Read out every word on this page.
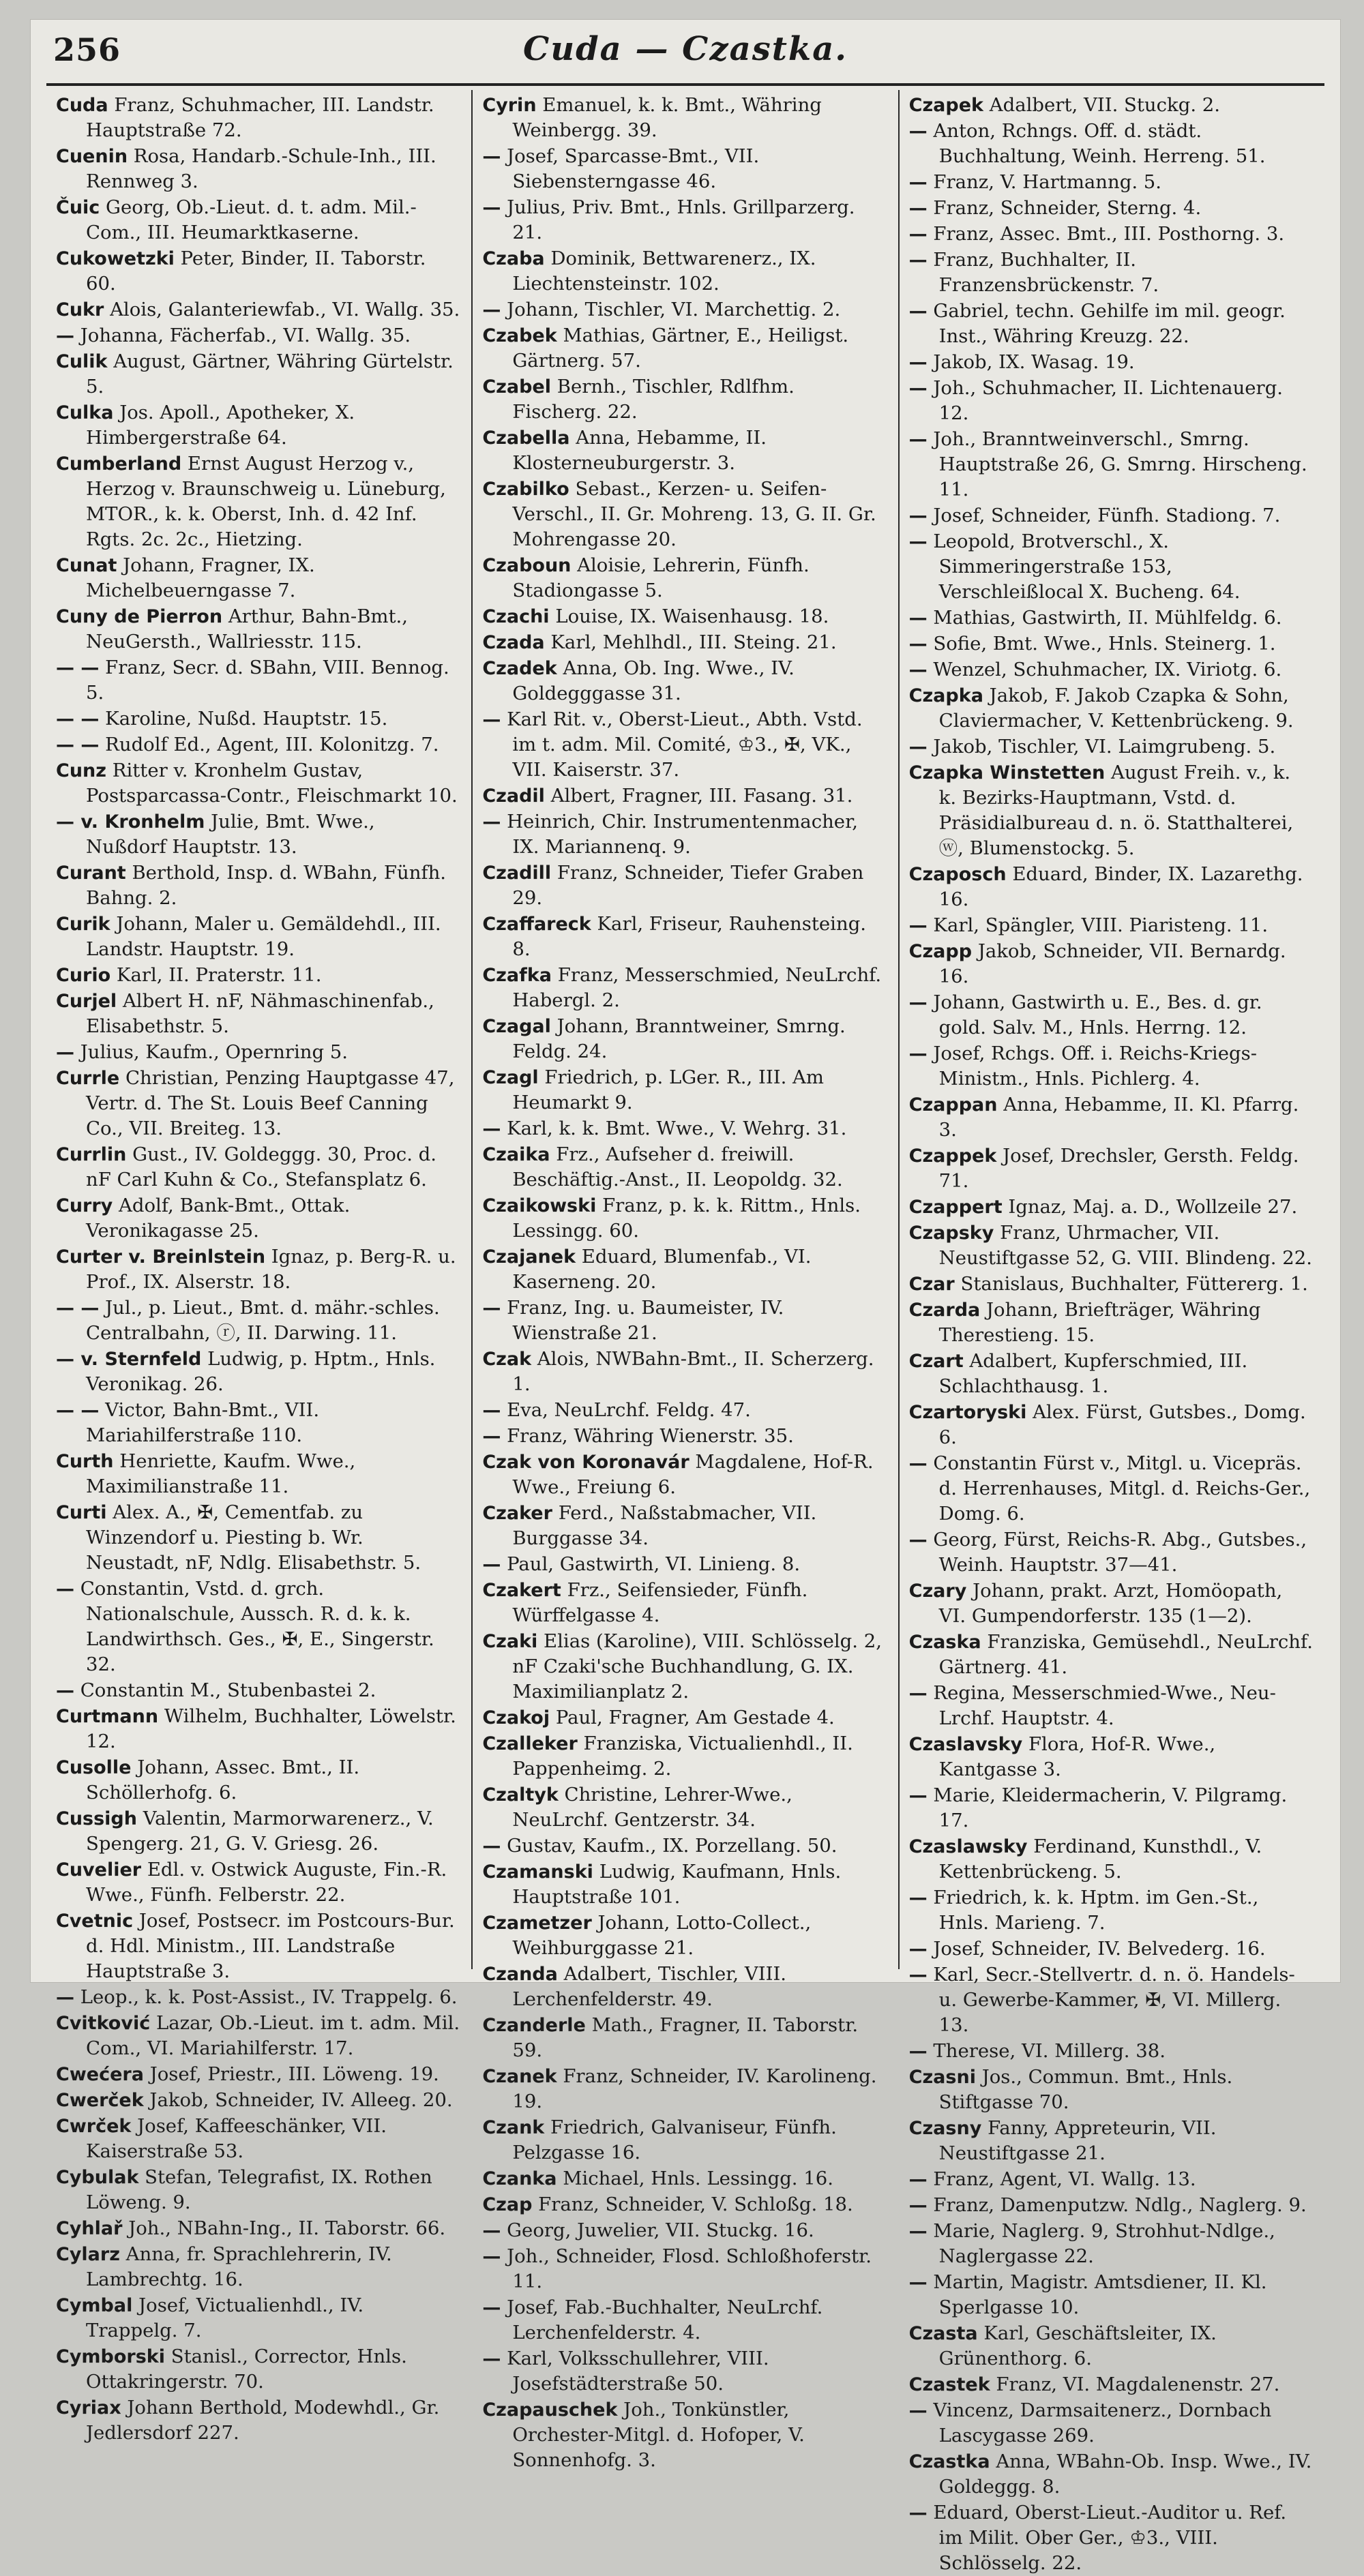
256	Cuda — Czastka.

Cuda Franz, Schuhmacher, III. Landstr. Hauptstraße 72.

Cuenin Rosa, Handarb.-Schule-Inh., III. Rennweg 3.

Čuic Georg, Ob.-Lieut. d. t. adm. Mil.-Com., III. Heumarktkaserne.

Cukowetzki Peter, Binder, II. Taborstr. 60.

Cukr Alois, Galanteriewfab., VI. Wallg. 35.

— Johanna, Fächerfab., VI. Wallg. 35.

Culik August, Gärtner, Währing Gürtelstr. 5.

Culka Jos. Apoll., Apotheker, X. Himbergerstraße 64.

Cumberland Ernst August Herzog v., Herzog v. Braunschweig u. Lüneburg, MTOR., k. k. Oberst, Inh. d. 42 Inf. Rgts. 2c. 2c., Hietzing.

Cunat Johann, Fragner, IX. Michelbeuerngasse 7.

Cuny de Pierron Arthur, Bahn-Bmt., NeuGersth., Wallriesstr. 115.

— — Franz, Secr. d. SBahn, VIII. Bennog. 5.

— — Karoline, Nußd. Hauptstr. 15.

— — Rudolf Ed., Agent, III. Kolonitzg. 7.

Cunz Ritter v. Kronhelm Gustav, Postsparcassa-Contr., Fleischmarkt 10.

— v. Kronhelm Julie, Bmt. Wwe., Nußdorf Hauptstr. 13.

Curant Berthold, Insp. d. WBahn, Fünfh. Bahng. 2.

Curik Johann, Maler u. Gemäldehdl., III. Landstr. Hauptstr. 19.

Curio Karl, II. Praterstr. 11.

Curjel Albert H. nF, Nähmaschinenfab., Elisabethstr. 5.

— Julius, Kaufm., Opernring 5.

Currle Christian, Penzing Hauptgasse 47, Vertr. d. The St. Louis Beef Canning Co., VII. Breiteg. 13.

Currlin Gust., IV. Goldeggg. 30, Proc. d. nF Carl Kuhn & Co., Stefansplatz 6.

Curry Adolf, Bank-Bmt., Ottak. Veronikagasse 25.

Curter v. Breinlstein Ignaz, p. Berg-R. u. Prof., IX. Alserstr. 18.

— — Jul., p. Lieut., Bmt. d. mähr.-schles. Centralbahn, ⓡ, II. Darwing. 11.

— v. Sternfeld Ludwig, p. Hptm., Hnls. Veronikag. 26.

— — Victor, Bahn-Bmt., VII. Mariahilferstraße 110.

Curth Henriette, Kaufm. Wwe., Maximilianstraße 11.

Curti Alex. A., ✠, Cementfab. zu Winzendorf u. Piesting b. Wr. Neustadt, nF, Ndlg. Elisabethstr. 5.

— Constantin, Vstd. d. grch. Nationalschule, Aussch. R. d. k. k. Landwirthsch. Ges., ✠, E., Singerstr. 32.

— Constantin M., Stubenbastei 2.

Curtmann Wilhelm, Buchhalter, Löwelstr. 12.

Cusolle Johann, Assec. Bmt., II. Schöllerhofg. 6.

Cussigh Valentin, Marmorwarenerz., V. Spengerg. 21, G. V. Griesg. 26.

Cuvelier Edl. v. Ostwick Auguste, Fin.-R. Wwe., Fünfh. Felberstr. 22.

Cvetnic Josef, Postsecr. im Postcours-Bur. d. Hdl. Ministm., III. Landstraße Hauptstraße 3.

— Leop., k. k. Post-Assist., IV. Trappelg. 6.

Cvitković Lazar, Ob.-Lieut. im t. adm. Mil. Com., VI. Mariahilferstr. 17.

Cwećera Josef, Priestr., III. Löweng. 19.

Cwerček Jakob, Schneider, IV. Alleeg. 20.

Cwrček Josef, Kaffeeschänker, VII. Kaiserstraße 53.

Cybulak Stefan, Telegrafist, IX. Rothen Löweng. 9.

Cyhlař Joh., NBahn-Ing., II. Taborstr. 66.

Cylarz Anna, fr. Sprachlehrerin, IV. Lambrechtg. 16.

Cymbal Josef, Victualienhdl., IV. Trappelg. 7.

Cymborski Stanisl., Corrector, Hnls. Ottakringerstr. 70.

Cyriax Johann Berthold, Modewhdl., Gr. Jedlersdorf 227.

Cyrin Emanuel, k. k. Bmt., Währing Weinbergg. 39.

— Josef, Sparcasse-Bmt., VII. Siebensterngasse 46.

— Julius, Priv. Bmt., Hnls. Grillparzerg. 21.

Czaba Dominik, Bettwarenerz., IX. Liechtensteinstr. 102.

— Johann, Tischler, VI. Marchettig. 2.

Czabek Mathias, Gärtner, E., Heiligst. Gärtnerg. 57.

Czabel Bernh., Tischler, Rdlfhm. Fischerg. 22.

Czabella Anna, Hebamme, II. Klosterneuburgerstr. 3.

Czabilko Sebast., Kerzen- u. Seifen-Verschl., II. Gr. Mohreng. 13, G. II. Gr. Mohrengasse 20.

Czaboun Aloisie, Lehrerin, Fünfh. Stadiongasse 5.

Czachi Louise, IX. Waisenhausg. 18.

Czada Karl, Mehlhdl., III. Steing. 21.

Czadek Anna, Ob. Ing. Wwe., IV. Goldegggasse 31.

— Karl Rit. v., Oberst-Lieut., Abth. Vstd. im t. adm. Mil. Comité, ♔3., ✠, VK., VII. Kaiserstr. 37.

Czadil Albert, Fragner, III. Fasang. 31.

— Heinrich, Chir. Instrumentenmacher, IX. Mariannenq. 9.

Czadill Franz, Schneider, Tiefer Graben 29.

Czaffareck Karl, Friseur, Rauhensteing. 8.

Czafka Franz, Messerschmied, NeuLrchf. Habergl. 2.

Czagal Johann, Branntweiner, Smrng. Feldg. 24.

Czagl Friedrich, p. LGer. R., III. Am Heumarkt 9.

— Karl, k. k. Bmt. Wwe., V. Wehrg. 31.

Czaika Frz., Aufseher d. freiwill. Beschäftig.-Anst., II. Leopoldg. 32.

Czaikowski Franz, p. k. k. Rittm., Hnls. Lessingg. 60.

Czajanek Eduard, Blumenfab., VI. Kaserneng. 20.

— Franz, Ing. u. Baumeister, IV. Wienstraße 21.

Czak Alois, NWBahn-Bmt., II. Scherzerg. 1.

— Eva, NeuLrchf. Feldg. 47.

— Franz, Währing Wienerstr. 35.

Czak von Koronavár Magdalene, Hof-R. Wwe., Freiung 6.

Czaker Ferd., Naßstabmacher, VII. Burggasse 34.

— Paul, Gastwirth, VI. Linieng. 8.

Czakert Frz., Seifensieder, Fünfh. Würffelgasse 4.

Czaki Elias (Karoline), VIII. Schlösselg. 2, nF Czaki'sche Buchhandlung, G. IX. Maximilianplatz 2.

Czakoj Paul, Fragner, Am Gestade 4.

Czalleker Franziska, Victualienhdl., II. Pappenheimg. 2.

Czaltyk Christine, Lehrer-Wwe., NeuLrchf. Gentzerstr. 34.

— Gustav, Kaufm., IX. Porzellang. 50.

Czamanski Ludwig, Kaufmann, Hnls. Hauptstraße 101.

Czametzer Johann, Lotto-Collect., Weihburggasse 21.

Czanda Adalbert, Tischler, VIII. Lerchenfelderstr. 49.

Czanderle Math., Fragner, II. Taborstr. 59.

Czanek Franz, Schneider, IV. Karolineng. 19.

Czank Friedrich, Galvaniseur, Fünfh. Pelzgasse 16.

Czanka Michael, Hnls. Lessingg. 16.

Czap Franz, Schneider, V. Schloßg. 18.

— Georg, Juwelier, VII. Stuckg. 16.

— Joh., Schneider, Flosd. Schloßhoferstr. 11.

— Josef, Fab.-Buchhalter, NeuLrchf. Lerchenfelderstr. 4.

— Karl, Volksschullehrer, VIII. Josefstädterstraße 50.

Czapauschek Joh., Tonkünstler, Orchester-Mitgl. d. Hofoper, V. Sonnenhofg. 3.

Czapek Adalbert, VII. Stuckg. 2.

— Anton, Rchngs. Off. d. städt. Buchhaltung, Weinh. Herreng. 51.

— Franz, V. Hartmanng. 5.

— Franz, Schneider, Sterng. 4.

— Franz, Assec. Bmt., III. Posthorng. 3.

— Franz, Buchhalter, II. Franzensbrückenstr. 7.

— Gabriel, techn. Gehilfe im mil. geogr. Inst., Währing Kreuzg. 22.

— Jakob, IX. Wasag. 19.

— Joh., Schuhmacher, II. Lichtenauerg. 12.

— Joh., Branntweinverschl., Smrng. Hauptstraße 26, G. Smrng. Hirscheng. 11.

— Josef, Schneider, Fünfh. Stadiong. 7.

— Leopold, Brotverschl., X. Simmeringerstraße 153, Verschleißlocal X. Bucheng. 64.

— Mathias, Gastwirth, II. Mühlfeldg. 6.

— Sofie, Bmt. Wwe., Hnls. Steinerg. 1.

— Wenzel, Schuhmacher, IX. Viriotg. 6.

Czapka Jakob, F. Jakob Czapka & Sohn, Claviermacher, V. Kettenbrückeng. 9.

— Jakob, Tischler, VI. Laimgrubeng. 5.

Czapka Winstetten August Freih. v., k. k. Bezirks-Hauptmann, Vstd. d. Präsidialbureau d. n. ö. Statthalterei, ⓦ, Blumenstockg. 5.

Czaposch Eduard, Binder, IX. Lazarethg. 16.

— Karl, Spängler, VIII. Piaristeng. 11.

Czapp Jakob, Schneider, VII. Bernardg. 16.

— Johann, Gastwirth u. E., Bes. d. gr. gold. Salv. M., Hnls. Herrng. 12.

— Josef, Rchgs. Off. i. Reichs-Kriegs-Ministm., Hnls. Pichlerg. 4.

Czappan Anna, Hebamme, II. Kl. Pfarrg. 3.

Czappek Josef, Drechsler, Gersth. Feldg. 71.

Czappert Ignaz, Maj. a. D., Wollzeile 27.

Czapsky Franz, Uhrmacher, VII. Neustiftgasse 52, G. VIII. Blindeng. 22.

Czar Stanislaus, Buchhalter, Füttererg. 1.

Czarda Johann, Briefträger, Währing Therestieng. 15.

Czart Adalbert, Kupferschmied, III. Schlachthausg. 1.

Czartoryski Alex. Fürst, Gutsbes., Domg. 6.

— Constantin Fürst v., Mitgl. u. Vicepräs. d. Herrenhauses, Mitgl. d. Reichs-Ger., Domg. 6.

— Georg, Fürst, Reichs-R. Abg., Gutsbes., Weinh. Hauptstr. 37—41.

Czary Johann, prakt. Arzt, Homöopath, VI. Gumpendorferstr. 135 (1—2).

Czaska Franziska, Gemüsehdl., NeuLrchf. Gärtnerg. 41.

— Regina, Messerschmied-Wwe., Neu-Lrchf. Hauptstr. 4.

Czaslavsky Flora, Hof-R. Wwe., Kantgasse 3.

— Marie, Kleidermacherin, V. Pilgramg. 17.

Czaslawsky Ferdinand, Kunsthdl., V. Kettenbrückeng. 5.

— Friedrich, k. k. Hptm. im Gen.-St., Hnls. Marieng. 7.

— Josef, Schneider, IV. Belvederg. 16.

— Karl, Secr.-Stellvertr. d. n. ö. Handels- u. Gewerbe-Kammer, ✠, VI. Millerg. 13.

— Therese, VI. Millerg. 38.

Czasni Jos., Commun. Bmt., Hnls. Stiftgasse 70.

Czasny Fanny, Appreteurin, VII. Neustiftgasse 21.

— Franz, Agent, VI. Wallg. 13.

— Franz, Damenputzw. Ndlg., Naglerg. 9.

— Marie, Naglerg. 9, Strohhut-Ndlge., Naglergasse 22.

— Martin, Magistr. Amtsdiener, II. Kl. Sperlgasse 10.

Czasta Karl, Geschäftsleiter, IX. Grünenthorg. 6.

Czastek Franz, VI. Magdalenenstr. 27.

— Vincenz, Darmsaitenerz., Dornbach Lascygasse 269.

Czastka Anna, WBahn-Ob. Insp. Wwe., IV. Goldeggg. 8.

— Eduard, Oberst-Lieut.-Auditor u. Ref. im Milit. Ober Ger., ♔3., VIII. Schlösselg. 22.
